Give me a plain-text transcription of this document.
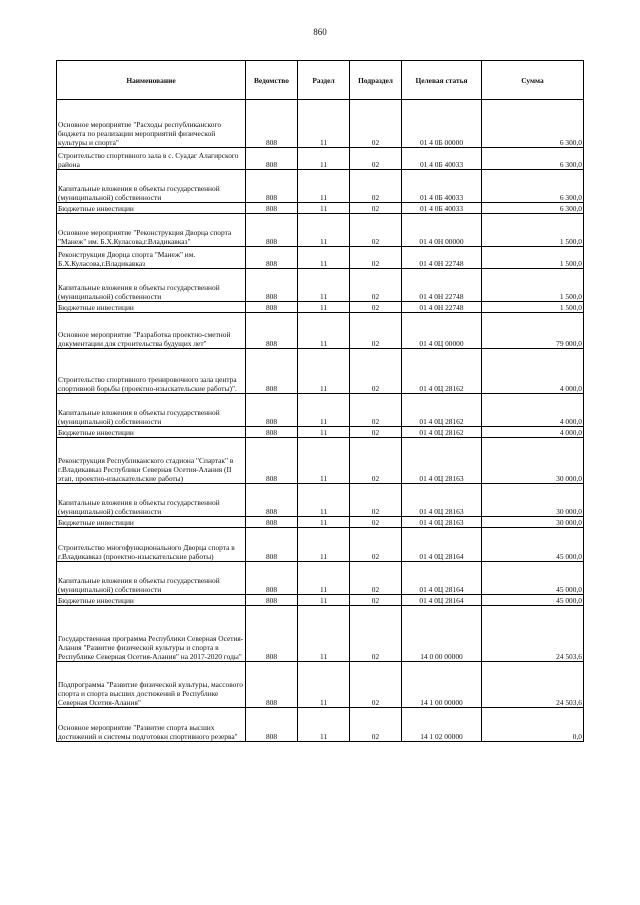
860
Наименование	Ведомство	Раздел	Подраздел	Целевая статья	Сумма
Основное мероприятие "Расходы республиканского бюджета по реализации мероприятий физической культуры и спорта"	808	11	02	01 4 0Б 00000	6 300,0
Строительство спортивного зала в с. Суадаг Алагирского района	808	11	02	01 4 0Б 40033	6 300,0
Капитальные вложения в объекты государственной (муниципальной) собственности	808	11	02	01 4 0Б 40033	6 300,0
Бюджетные инвестиции	808	11	02	01 4 0Б 40033	6 300,0
Основное мероприятие "Реконструкция Дворца спорта "Манеж" им. Б.Х.Куласова,г.Владикавказ"	808	11	02	01 4 0Н 00000	1 500,0
Реконструкция Дворца спорта "Манеж" им. Б.Х.Куласова,г.Владикавказ	808	11	02	01 4 0Н 22748	1 500,0
Капитальные вложения в объекты государственной (муниципальной) собственности	808	11	02	01 4 0Н 22748	1 500,0
Бюджетные инвестиции	808	11	02	01 4 0Н 22748	1 500,0
Основное мероприятие "Разработка проектно-сметной документации для строительства будущих лет"	808	11	02	01 4 0Ц 00000	79 000,0
Строительство спортивного тренировочного зала центра спортивной борьбы (проектно-изыскательские работы)".	808	11	02	01 4 0Ц 28162	4 000,0
Капитальные вложения в объекты государственной (муниципальной) собственности	808	11	02	01 4 0Ц 28162	4 000,0
Бюджетные инвестиции	808	11	02	01 4 0Ц 28162	4 000,0
Реконструкция Республиканского стадиона "Спартак" в г.Владикавказ Республики Северная Осетия-Алания (II этап, проектно-изыскательские работы)	808	11	02	01 4 0Ц 28163	30 000,0
Капитальные вложения в объекты государственной (муниципальной) собственности	808	11	02	01 4 0Ц 28163	30 000,0
Бюджетные инвестиции	808	11	02	01 4 0Ц 28163	30 000,0
Строительство многофункционального Дворца спорта в г.Владикавказ (проектно-изыскательские работы)	808	11	02	01 4 0Ц 28164	45 000,0
Капитальные вложения в объекты государственной (муниципальной) собственности	808	11	02	01 4 0Ц 28164	45 000,0
Бюджетные инвестиции	808	11	02	01 4 0Ц 28164	45 000,0
Государственная программа Республики Северная Осетия-Алания "Развитие физической культуры и спорта в Республике Северная Осетия-Алания" на 2017-2020 годы"	808	11	02	14 0 00 00000	24 503,6
Подпрограмма "Развитие физической культуры, массового спорта и спорта высших достижений в Республике Северная Осетия-Алания"	808	11	02	14 1 00 00000	24 503,6
Основное мероприятие "Развитие спорта высших достижений и системы подготовки спортивного резерва"	808	11	02	14 1 02 00000	0,0
